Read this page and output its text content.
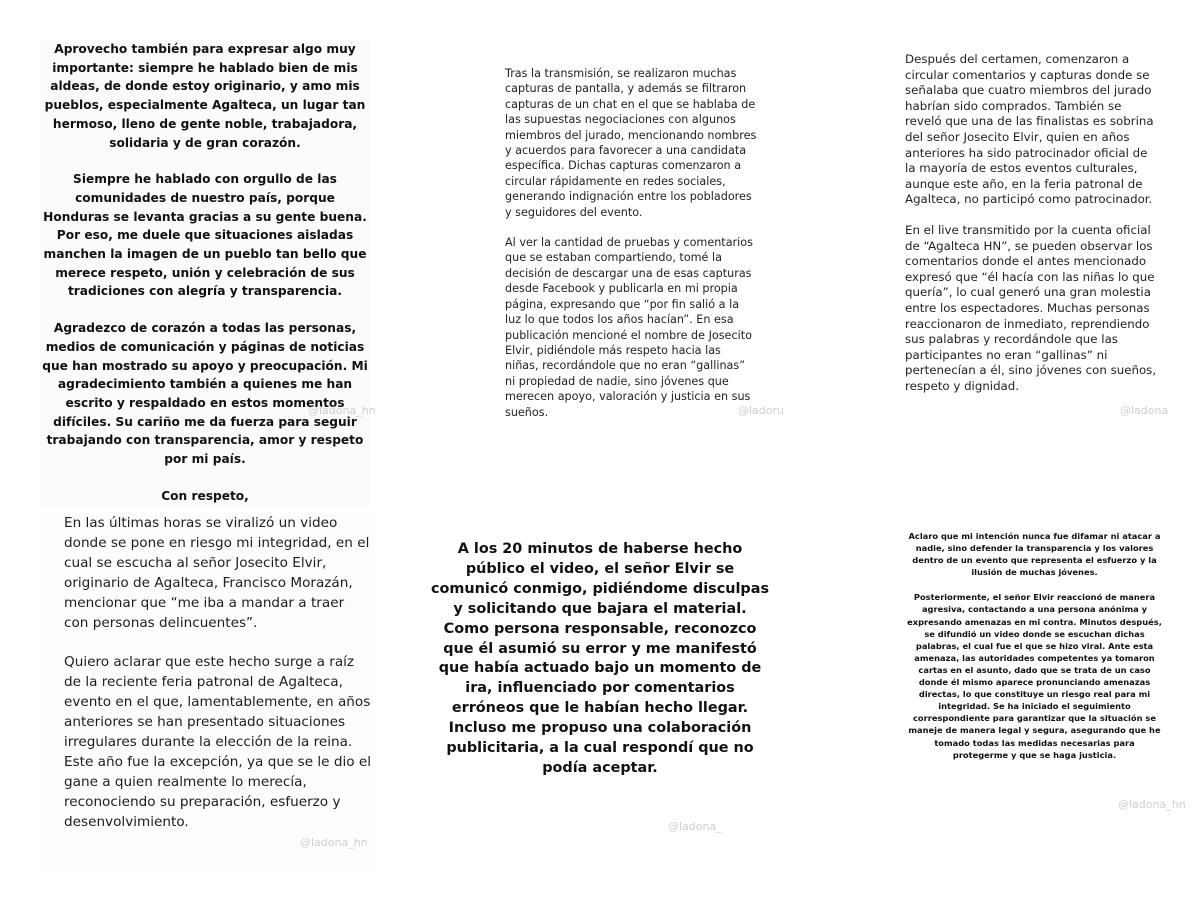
Aprovecho también para expresar algo muy importante: siempre he hablado bien de mis aldeas, de donde estoy originario, y amo mis pueblos, especialmente Agalteca, un lugar tan hermoso, lleno de gente noble, trabajadora, solidaria y de gran corazón.

Siempre he hablado con orgullo de las comunidades de nuestro país, porque Honduras se levanta gracias a su gente buena. Por eso, me duele que situaciones aisladas manchen la imagen de un pueblo tan bello que merece respeto, unión y celebración de sus tradiciones con alegría y transparencia.

Agradezco de corazón a todas las personas, medios de comunicación y páginas de noticias que han mostrado su apoyo y preocupación. Mi agradecimiento también a quienes me han escrito y respaldado en estos momentos difíciles. Su cariño me da fuerza para seguir trabajando con transparencia, amor y respeto por mi país.

Con respeto,

Tras la transmisión, se realizaron muchas capturas de pantalla, y además se filtraron capturas de un chat en el que se hablaba de las supuestas negociaciones con algunos miembros del jurado, mencionando nombres y acuerdos para favorecer a una candidata específica. Dichas capturas comenzaron a circular rápidamente en redes sociales, generando indignación entre los pobladores y seguidores del evento.

Al ver la cantidad de pruebas y comentarios que se estaban compartiendo, tomé la decisión de descargar una de esas capturas desde Facebook y publicarla en mi propia página, expresando que “por fin salió a la luz lo que todos los años hacían”. En esa publicación mencioné el nombre de Josecito Elvir, pidiéndole más respeto hacia las niñas, recordándole que no eran “gallinas” ni propiedad de nadie, sino jóvenes que merecen apoyo, valoración y justicia en sus sueños.

Después del certamen, comenzaron a circular comentarios y capturas donde se señalaba que cuatro miembros del jurado habrían sido comprados. También se reveló que una de las finalistas es sobrina del señor Josecito Elvir, quien en años anteriores ha sido patrocinador oficial de la mayoría de estos eventos culturales, aunque este año, en la feria patronal de Agalteca, no participó como patrocinador.

En el live transmitido por la cuenta oficial de “Agalteca HN”, se pueden observar los comentarios donde el antes mencionado expresó que “él hacía con las niñas lo que quería”, lo cual generó una gran molestia entre los espectadores. Muchas personas reaccionaron de inmediato, reprendiendo sus palabras y recordándole que las participantes no eran “gallinas” ni pertenecían a él, sino jóvenes con sueños, respeto y dignidad.

En las últimas horas se viralizó un video donde se pone en riesgo mi integridad, en el cual se escucha al señor Josecito Elvir, originario de Agalteca, Francisco Morazán, mencionar que “me iba a mandar a traer con personas delincuentes”.

Quiero aclarar que este hecho surge a raíz de la reciente feria patronal de Agalteca, evento en el que, lamentablemente, en años anteriores se han presentado situaciones irregulares durante la elección de la reina. Este año fue la excepción, ya que se le dio el gane a quien realmente lo merecía, reconociendo su preparación, esfuerzo y desenvolvimiento.

A los 20 minutos de haberse hecho público el video, el señor Elvir se comunicó conmigo, pidiéndome disculpas y solicitando que bajara el material. Como persona responsable, reconozco que él asumió su error y me manifestó que había actuado bajo un momento de ira, influenciado por comentarios erróneos que le habían hecho llegar. Incluso me propuso una colaboración publicitaria, a la cual respondí que no podía aceptar.

Aclaro que mi intención nunca fue difamar ni atacar a nadie, sino defender la transparencia y los valores dentro de un evento que representa el esfuerzo y la ilusión de muchas jóvenes.

Posteriormente, el señor Elvir reaccionó de manera agresiva, contactando a una persona anónima y expresando amenazas en mi contra. Minutos después, se difundió un video donde se escuchan dichas palabras, el cual fue el que se hizo viral. Ante esta amenaza, las autoridades competentes ya tomaron cartas en el asunto, dado que se trata de un caso donde él mismo aparece pronunciando amenazas directas, lo que constituye un riesgo real para mi integridad. Se ha iniciado el seguimiento correspondiente para garantizar que la situación se maneje de manera legal y segura, asegurando que he tomado todas las medidas necesarias para protegerme y que se haga justicia.

@ladona_hn	@ladoru	@ladona
@ladona_hn
@ladona_
@ladona_hn
